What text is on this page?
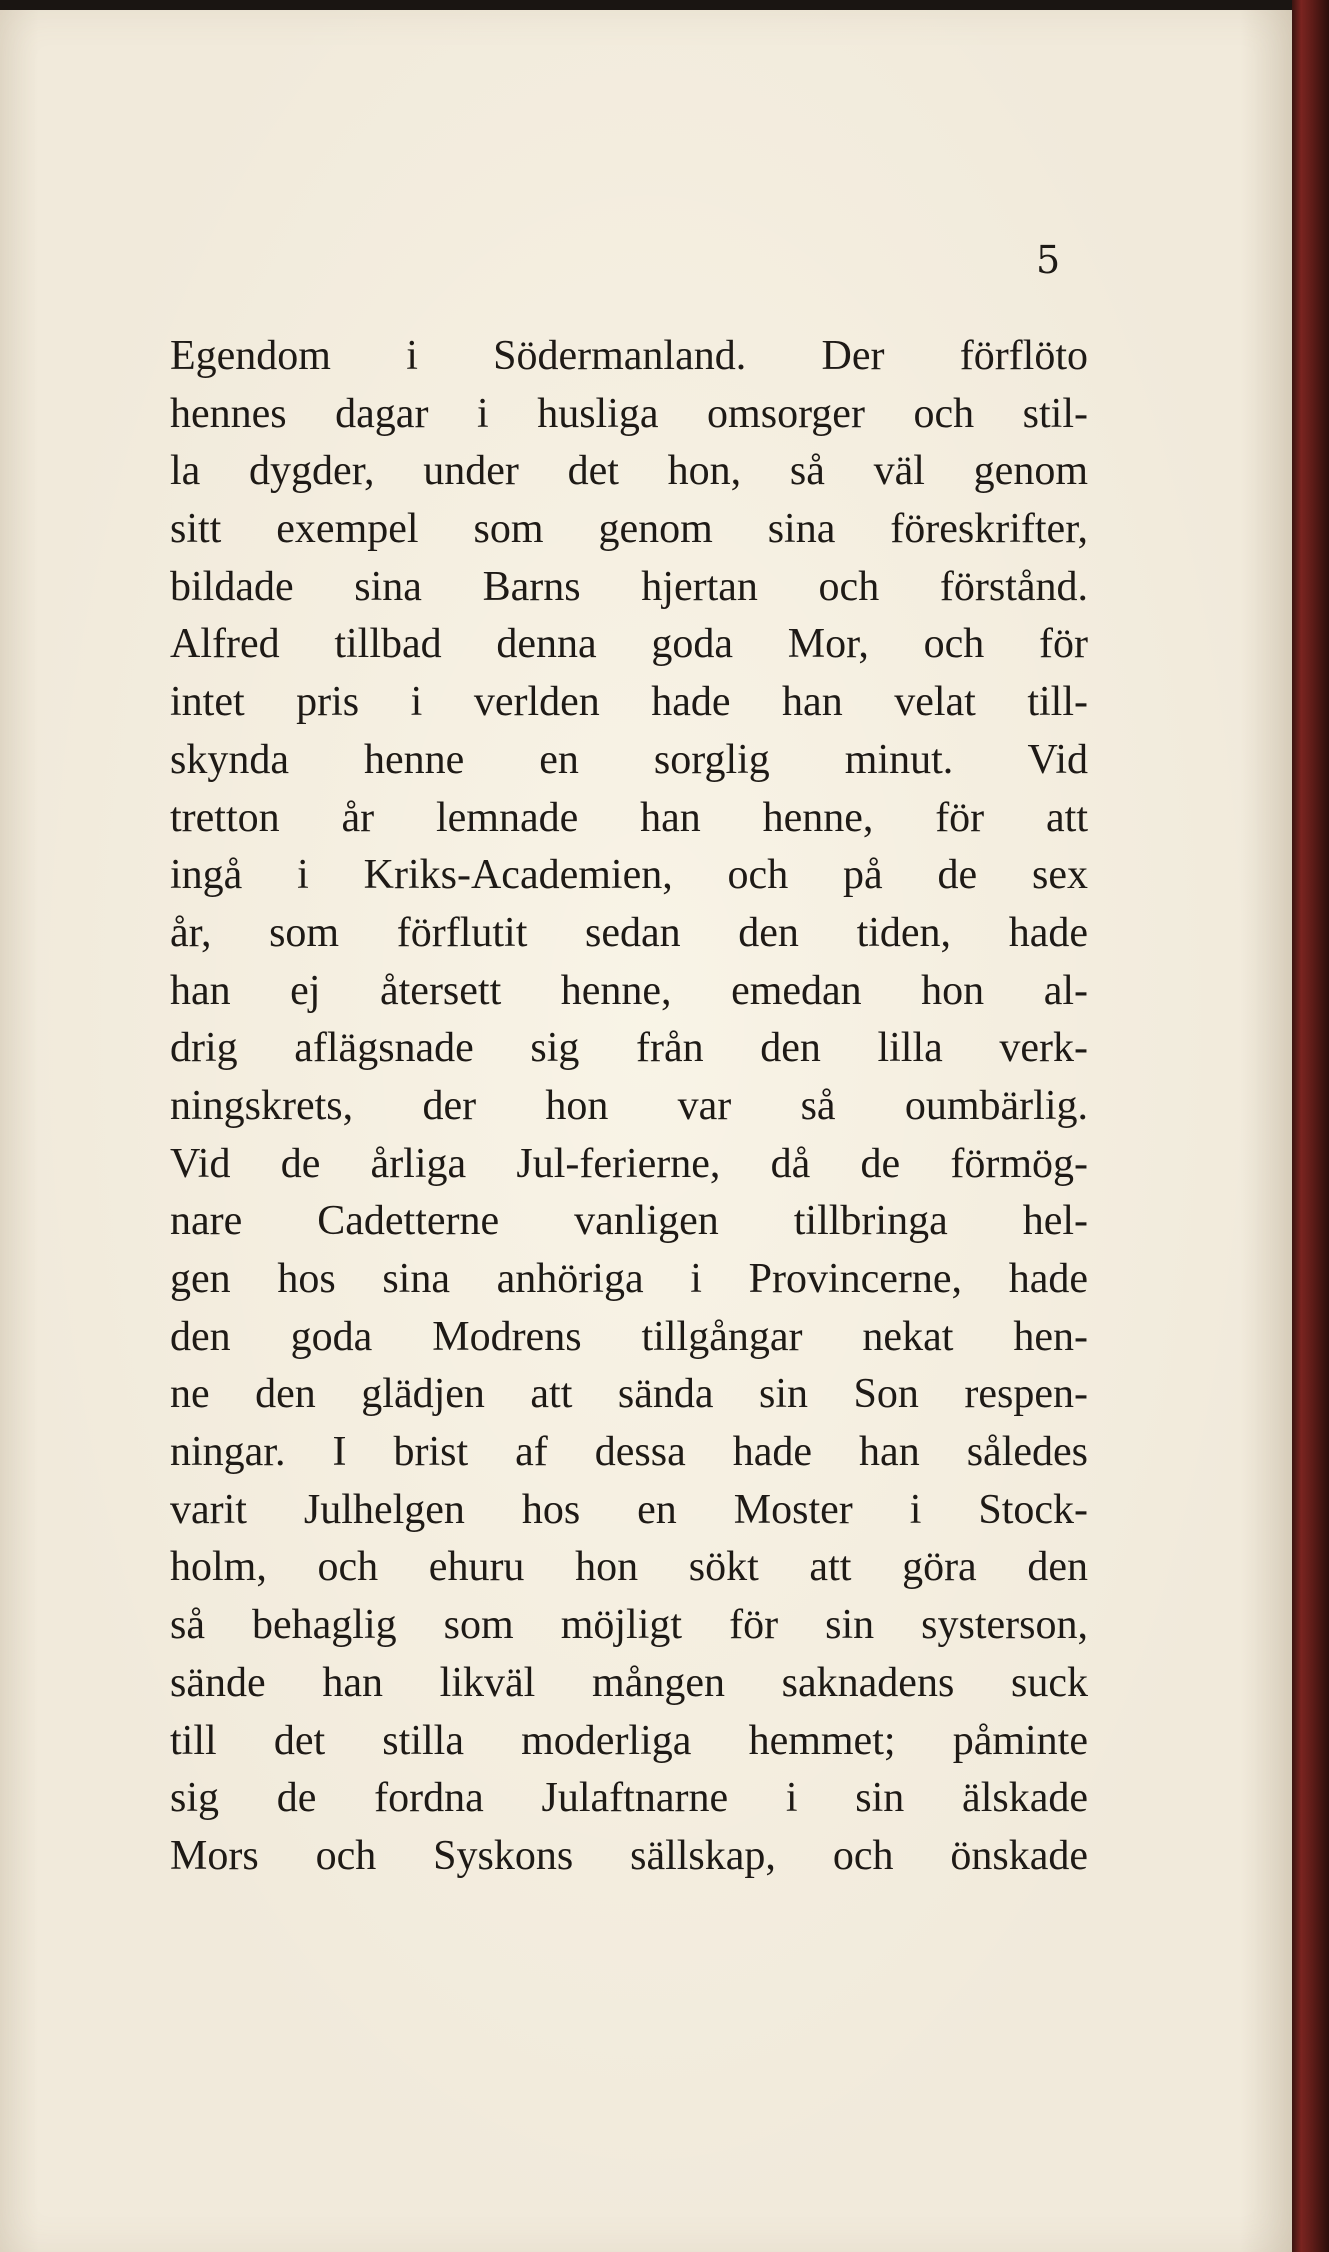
5
Egendom i Södermanland. Der förflöto
hennes dagar i husliga omsorger och stil-
la dygder, under det hon, så väl genom
sitt exempel som genom sina föreskrifter,
bildade sina Barns hjertan och förstånd.
Alfred tillbad denna goda Mor, och för
intet pris i verlden hade han velat till-
skynda henne en sorglig minut. Vid
tretton år lemnade han henne, för att
ingå i Kriks-Academien, och på de sex
år, som förflutit sedan den tiden, hade
han ej återsett henne, emedan hon al-
drig aflägsnade sig från den lilla verk-
ningskrets, der hon var så oumbärlig.
Vid de årliga Jul-ferierne, då de förmög-
nare Cadetterne vanligen tillbringa hel-
gen hos sina anhöriga i Provincerne, hade
den goda Modrens tillgångar nekat hen-
ne den glädjen att sända sin Son respen-
ningar. I brist af dessa hade han således
varit Julhelgen hos en Moster i Stock-
holm, och ehuru hon sökt att göra den
så behaglig som möjligt för sin systerson,
sände han likväl mången saknadens suck
till det stilla moderliga hemmet; påminte
sig de fordna Julaftnarne i sin älskade
Mors och Syskons sällskap, och önskade
